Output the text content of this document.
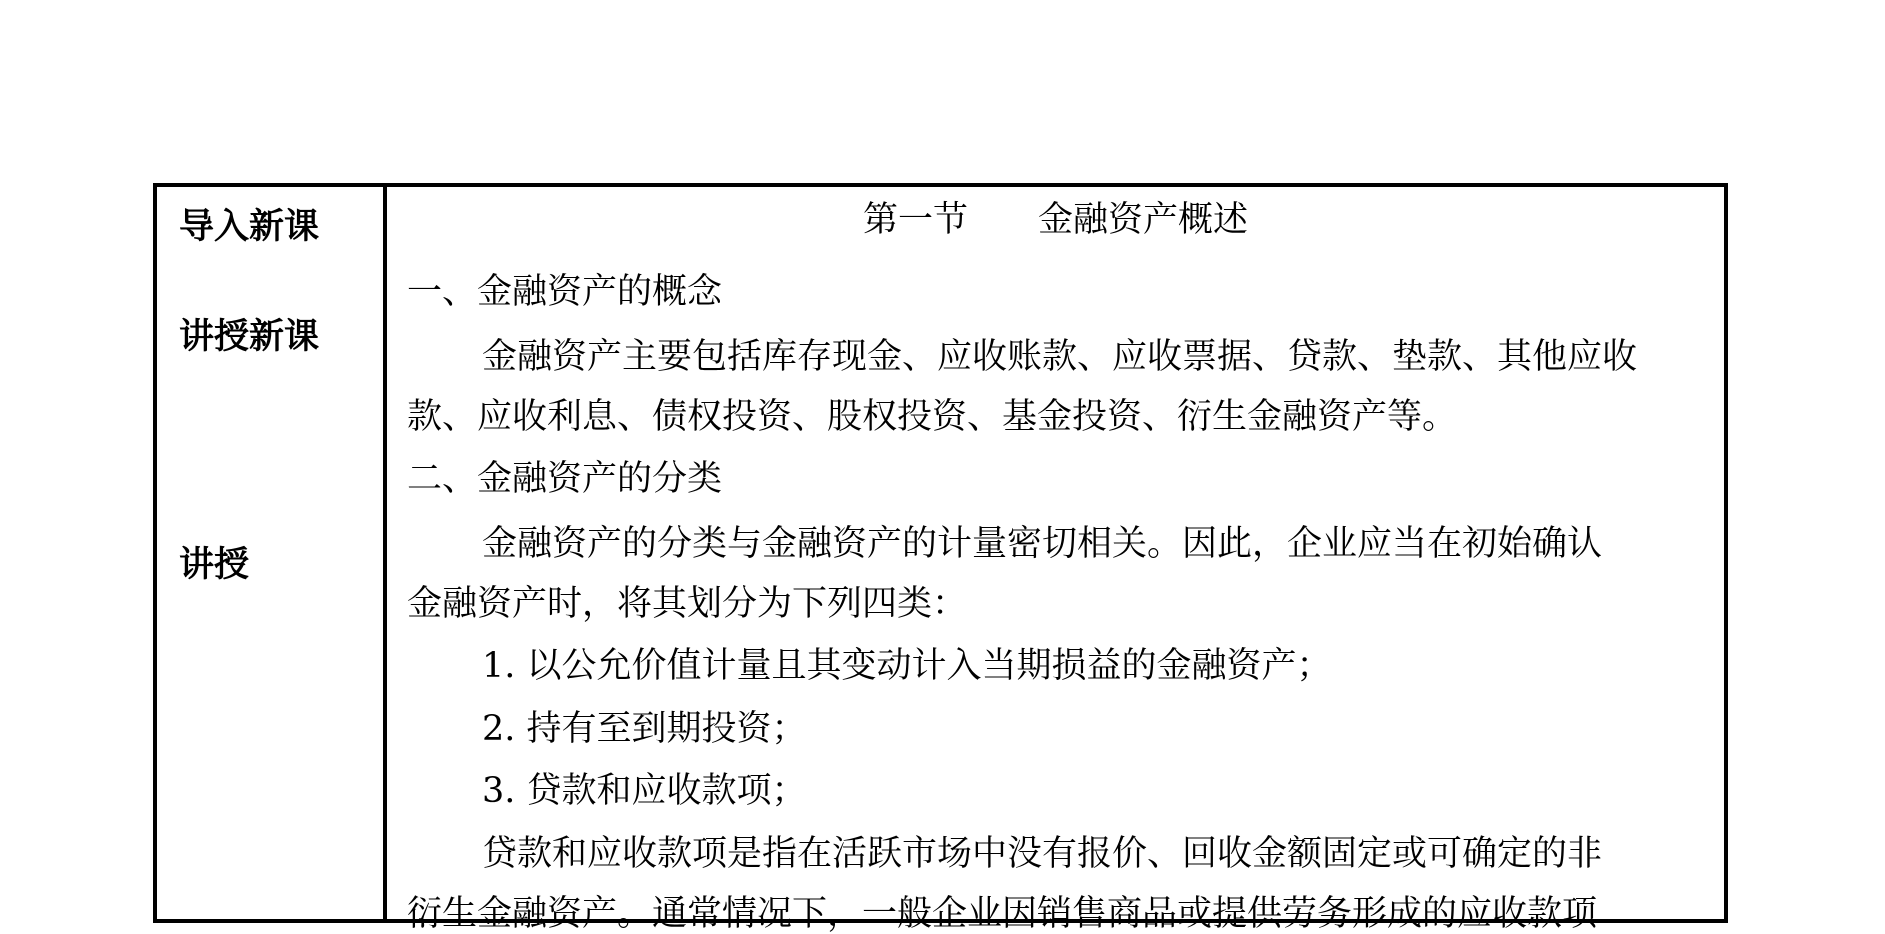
导入新课
讲授新课
讲授
第一节　　金融资产概述
一、金融资产的概念
金融资产主要包括库存现金、应收账款、应收票据、贷款、垫款、其他应收
款、应收利息、债权投资、股权投资、基金投资、衍生金融资产等。
二、金融资产的分类
金融资产的分类与金融资产的计量密切相关。因此，企业应当在初始确认
金融资产时，将其划分为下列四类：
1. 以公允价值计量且其变动计入当期损益的金融资产；
2. 持有至到期投资；
3. 贷款和应收款项；
贷款和应收款项是指在活跃市场中没有报价、回收金额固定或可确定的非
衍生金融资产。通常情况下，一般企业因销售商品或提供劳务形成的应收款项
